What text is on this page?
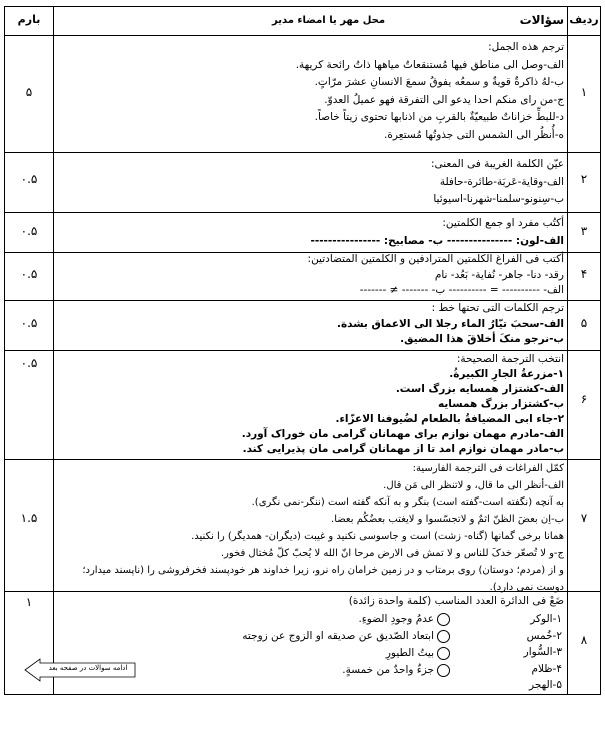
ردیف
سؤالات
محل مهر یا امضاء مدیر
بارم
۱
۵
ترجم هذه الجمل:
الف-وصل الی مناطق فیها مُستنقعاتٌ میاهها ذاتُ رائحة کریهة.
ب-لهُ ذاکرةٌ قویةٌ و سمعُه یفوقُ سمعَ الانسانِ عشرَ مرّاتٍ.
ج-من رای منکم احدا یدعو الی التفرقة فهو عمیلُ العدوّ.
د-للبطِّ خزاناتٌ طبیعیّةٌ بالقربِ من اذنابها تحتوی زیتاً خاصاً.
ه-أُنظُر الی الشمس التی جذوتُها مُستعِرة.
۲
۰.۵
عیّن الکلمة الغریبة فی المعنی:
الف-وقایة-عَربَة-طائرة-حافلة
ب-سِنونو-سلمنا-شهرنا-اسیوئیا
۳
۰.۵
أکتُب مفرد او جمع الکلمتین:
الف-لون: --------------- ب- مصابیح: ----------------
۴
۰.۵
أکتب فی الفراغ الکلمتین المترادفین و الکلمتین المتضادتین:
رقد- دنا- جاهر- نُفایة- بَعُد- نام
الف- ---------- = ---------- ب- ------- ≠ -------
۵
۰.۵
ترجم الکلمات التی تحتها خط :
الف-سحبَ تیّارُ الماء رجلا الی الاعماق بشدة.
ب-نرجو منکَ أخلاقَ هذا المضیق.
۶
۰.۵	انتخب الترجمة الصحیحة:
۱-مزرعةُ الجارِ الکبیرةُ.
الف-کشتزار همسایه بزرگ است.
ب-کشتزار بزرگ همسایه
۲-جاء ابی المضیافةُ بالطعام لضُیوفنا الاعزّاء.
الف-مادرم مهمان نوازم برای مهمانان گرامی مان خوراک آورد.
ب-مادر مهمان نوازم امد تا از مهمانان گرامی مان پذیرایی کند.
۷
۱.۵
کمّل الفراغات فی الترجمة الفارسیة:
الف-أنظر الی ما قال، و لاتنظر الی مَن قال.
به آنچه (نگفته است-گفته است) بنگر و به آنکه گفته است (ننگر-نمی نگری).
ب-اِن بعضَ الظنّ اثمٌ و لاتجسّسوا و لایغتب بعضُکُم بعضا.
همانا برخی گمانها (گناه- زشت) است و جاسوسی نکنید و غیبت (دیگران- همدیگر) را نکنید.
ج-و لا تُصعّر خدکَ للناس و لا تمش فی الارض مرحا انّ الله لا یُحبّ کلّ مُختال فخور.
و از (مردم؛ دوستان) روی برمتاب و در زمین خرامان راه نرو، زیرا خداوند هر خودپسند فخرفروشی را (ناپسند میدارد؛
دوست نمی دارد).
۸
۱	ضَعْ فی الدائرة العدد المناسب (کلمة واحدة زائدة)
۱-الوکر
۲-خُمس
۳-السُّوار
۴-ظلام
۵-الهجر
عدمُ وجودِ الضوءِ.
ابتعاد الصّدیق عن صدیقه او الزوج عن زوجته
بیتُ الطیورِ
جزءٌ واحدٌ من خمسةٍ.
ادامه سوالات در صفحه بعد
